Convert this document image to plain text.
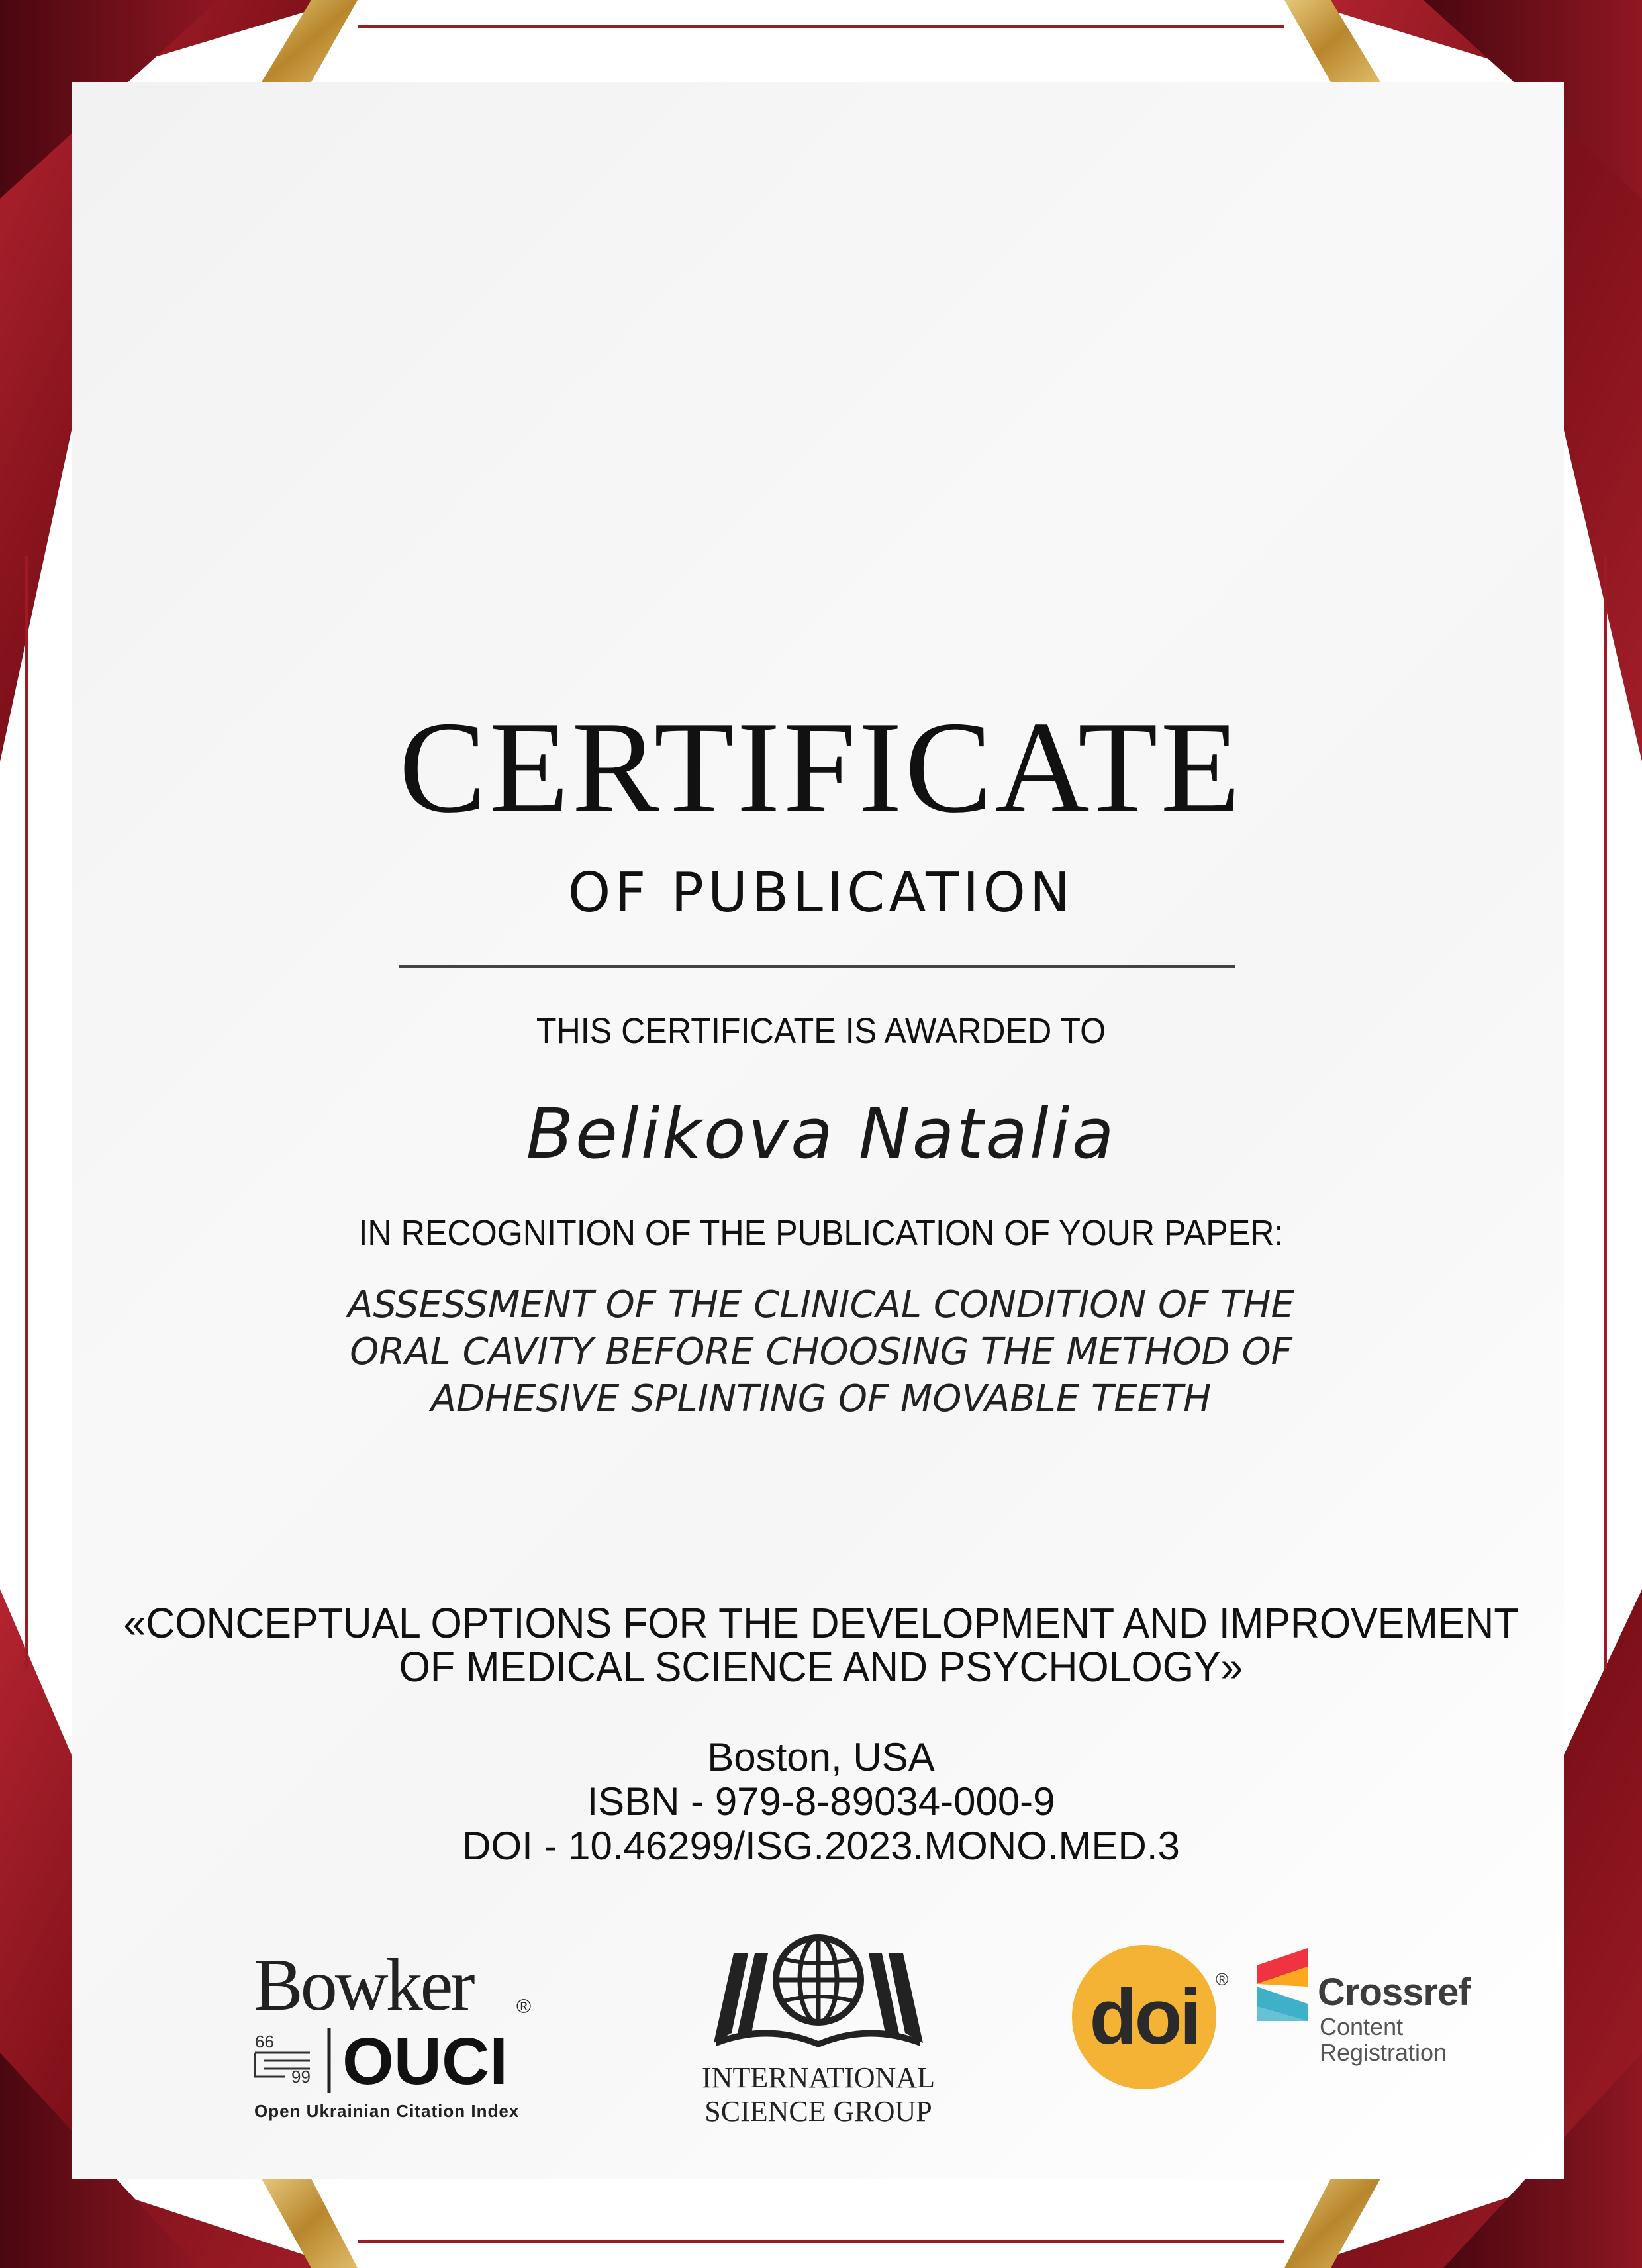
CERTIFICATE
OF PUBLICATION
THIS CERTIFICATE IS AWARDED TO
Belikova Natalia
IN RECOGNITION OF THE PUBLICATION OF YOUR PAPER:
ASSESSMENT OF THE CLINICAL CONDITION OF THE
ORAL CAVITY BEFORE CHOOSING THE METHOD OF
ADHESIVE SPLINTING OF MOVABLE TEETH
«CONCEPTUAL OPTIONS FOR THE DEVELOPMENT AND IMPROVEMENT
OF MEDICAL SCIENCE AND PSYCHOLOGY»
Boston, USA
ISBN - 979-8-89034-000-9
DOI - 10.46299/ISG.2023.MONO.MED.3
Bowker ®
66
99 OUCI
Open Ukrainian Citation Index
INTERNATIONAL
SCIENCE GROUP
doi ® Crossref
Content
Registration
